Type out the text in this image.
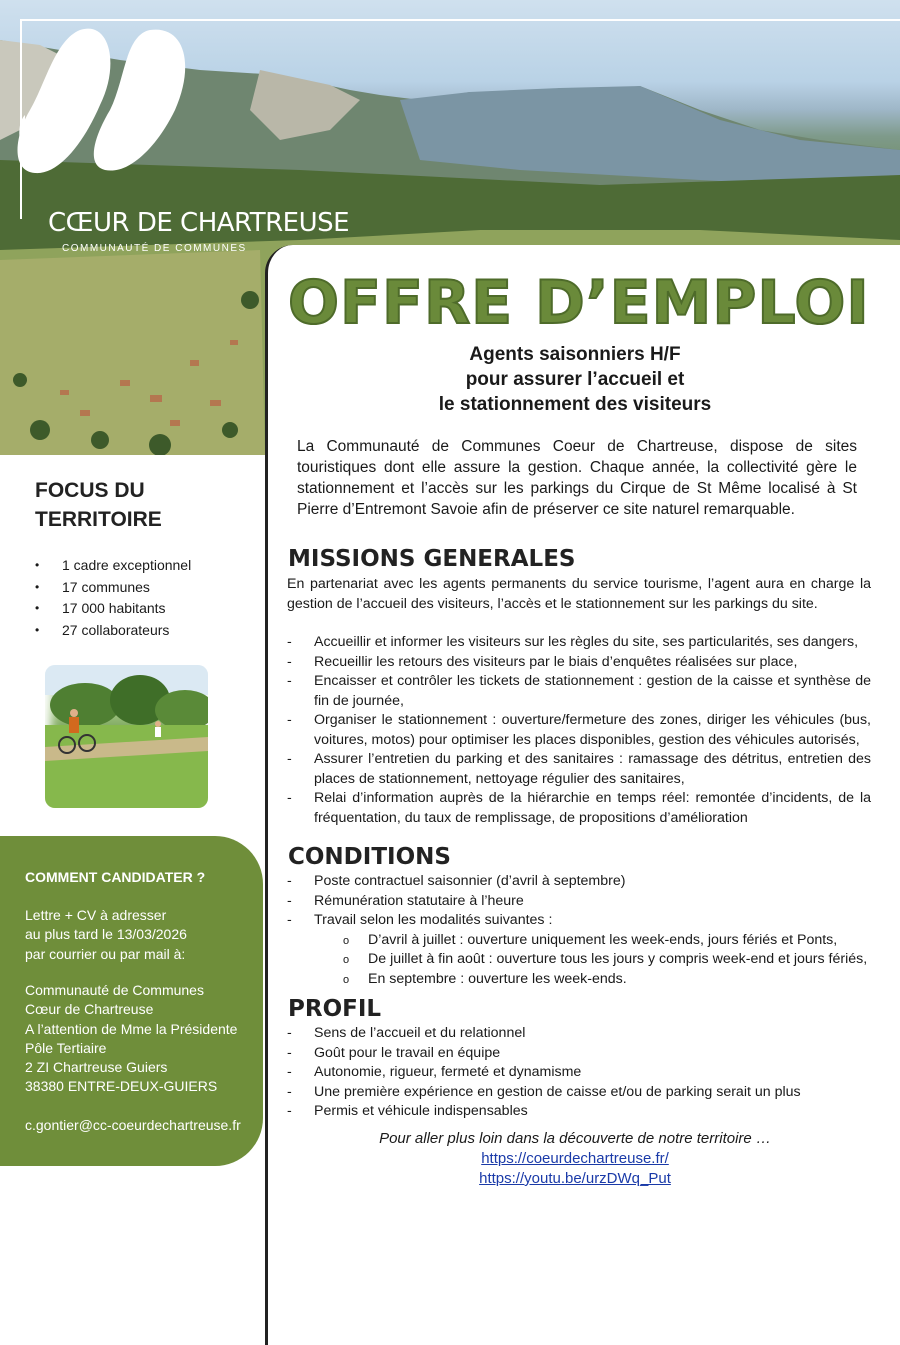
CŒUR DE CHARTREUSE
COMMUNAUTÉ DE COMMUNES
OFFRE D’EMPLOI
Agents saisonniers H/F
pour assurer l’accueil et
le stationnement des visiteurs
La Communauté de Communes Coeur de Chartreuse, dispose de sites touristiques dont elle assure la gestion. Chaque année, la collectivité gère le stationnement et l’accès sur les parkings du Cirque de St Même localisé à St Pierre d’Entremont Savoie afin de préserver ce site naturel remarquable.
MISSIONS GENERALES
En partenariat avec les agents permanents du service tourisme, l’agent aura en charge la gestion de l’accueil des visiteurs, l’accès et le stationnement sur les parkings du site.
- Accueillir et informer les visiteurs sur les règles du site, ses particularités, ses dangers,
- Recueillir les retours des visiteurs par le biais d’enquêtes réalisées sur place,
- Encaisser et contrôler les tickets de stationnement : gestion de la caisse et synthèse de fin de journée,
- Organiser le stationnement : ouverture/fermeture des zones, diriger les véhicules (bus, voitures, motos) pour optimiser les places disponibles, gestion des véhicules autorisés,
- Assurer l’entretien du parking et des sanitaires : ramassage des détritus, entretien des places de stationnement, nettoyage régulier des sanitaires,
- Relai d’information auprès de la hiérarchie en temps réel: remontée d’incidents, de la fréquentation, du taux de remplissage, de propositions d’amélioration
CONDITIONS
- Poste contractuel saisonnier (d’avril à septembre)
- Rémunération statutaire à l’heure
- Travail selon les modalités suivantes :
o D’avril à juillet : ouverture uniquement les week-ends, jours fériés et Ponts,
o De juillet à fin août : ouverture tous les jours y compris week-end et jours fériés,
o En septembre : ouverture les week-ends.
PROFIL
- Sens de l’accueil et du relationnel
- Goût pour le travail en équipe
- Autonomie, rigueur, fermeté et dynamisme
- Une première expérience en gestion de caisse et/ou de parking serait un plus
- Permis et véhicule indispensables
Pour aller plus loin dans la découverte de notre territoire …
https://coeurdechartreuse.fr/
https://youtu.be/urzDWq_Put
FOCUS DU
TERRITOIRE
• 1 cadre exceptionnel
• 17 communes
• 17 000 habitants
• 27 collaborateurs
COMMENT CANDIDATER ?
Lettre + CV à adresser
au plus tard le 13/03/2026
par courrier ou par mail à:
Communauté de Communes
Cœur de Chartreuse
A l’attention de Mme la Présidente
Pôle Tertiaire
2 ZI Chartreuse Guiers
38380 ENTRE-DEUX-GUIERS
c.gontier@cc-coeurdechartreuse.fr
